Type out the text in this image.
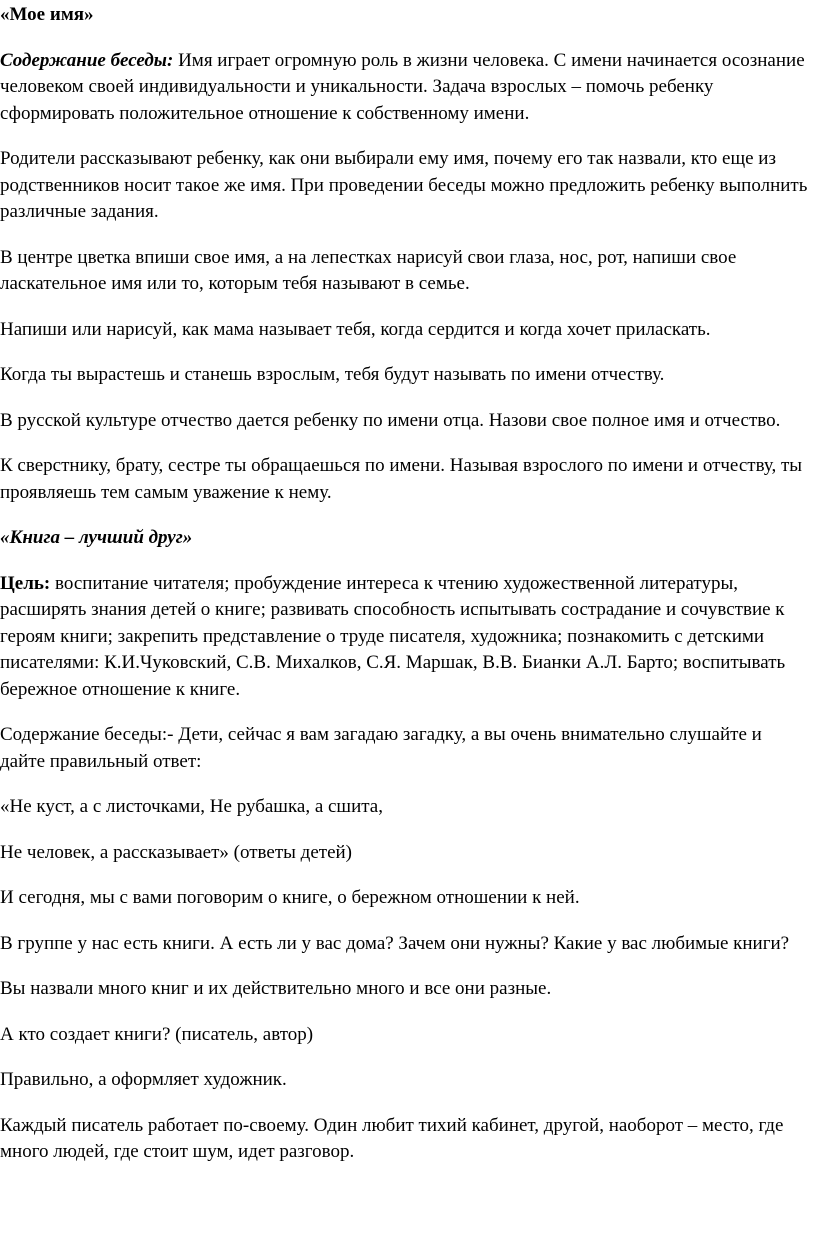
«Мое имя»

Содержание беседы: Имя играет огромную роль в жизни человека. С имени начинается осознание человеком своей индивидуальности и уникальности. Задача взрослых – помочь ребенку сформировать положительное отношение к собственному имени.

Родители рассказывают ребенку, как они выбирали ему имя, почему его так назвали, кто еще из родственников носит такое же имя. При проведении беседы можно предложить ребенку выполнить различные задания.

В центре цветка впиши свое имя, а на лепестках нарисуй свои глаза, нос, рот, напиши свое ласкательное имя или то, которым тебя называют в семье.

Напиши или нарисуй, как мама называет тебя, когда сердится и когда хочет приласкать.

Когда ты вырастешь и станешь взрослым, тебя будут называть по имени отчеству.

В русской культуре отчество дается ребенку по имени отца. Назови свое полное имя и отчество.

К сверстнику, брату, сестре ты обращаешься по имени. Называя взрослого по имени и отчеству, ты проявляешь тем самым уважение к нему.

«Книга – лучший друг»

Цель: воспитание читателя; пробуждение интереса к чтению художественной литературы, расширять знания детей о книге; развивать способность испытывать сострадание и сочувствие к героям книги; закрепить представление о труде писателя, художника; познакомить с детскими писателями: К.И.Чуковский, С.В. Михалков, С.Я. Маршак, В.В. Бианки А.Л. Барто; воспитывать бережное отношение к книге.

Содержание беседы:- Дети, сейчас я вам загадаю загадку, а вы очень внимательно слушайте и дайте правильный ответ:

«Не куст, а с листочками, Не рубашка, а сшита,

Не человек, а рассказывает» (ответы детей)

И сегодня, мы с вами поговорим о книге, о бережном отношении к ней.

В группе у нас есть книги. А есть ли у вас дома? Зачем они нужны? Какие у вас любимые книги?

Вы назвали много книг и их действительно много и все они разные.

А кто создает книги? (писатель, автор)

Правильно, а оформляет художник.

Каждый писатель работает по-своему. Один любит тихий кабинет, другой, наоборот – место, где много людей, где стоит шум, идет разговор.
